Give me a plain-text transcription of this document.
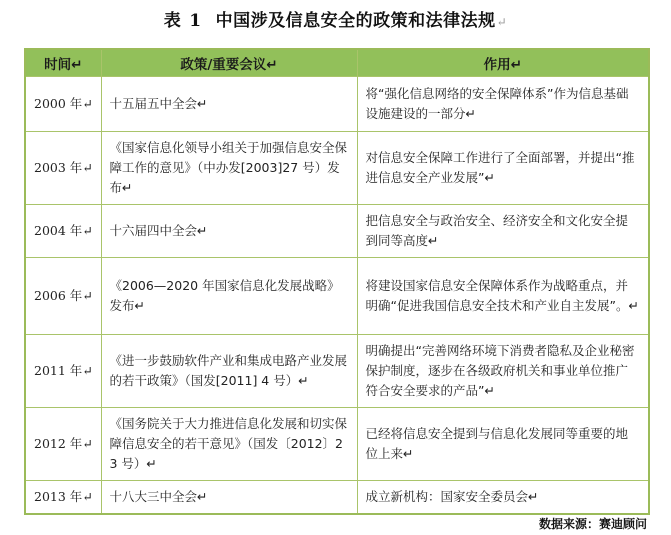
表 1 中国涉及信息安全的政策和法律法规↵
时间↵	政策/重要会议↵	作用↵
2000 年↵	十五届五中全会↵	将“强化信息网络的安全保障体系”作为信息基础设施建设的一部分↵
2003 年↵	《国家信息化领导小组关于加强信息安全保障工作的意见》（中办发[2003]27 号）发布↵	对信息安全保障工作进行了全面部署，并提出“推进信息安全产业发展”↵
2004 年↵	十六届四中全会↵	把信息安全与政治安全、经济安全和文化安全提到同等高度↵
2006 年↵	《2006—2020 年国家信息化发展战略》发布↵	将建设国家信息安全保障体系作为战略重点，并明确“促进我国信息安全技术和产业自主发展”。↵
2011 年↵	《进一步鼓励软件产业和集成电路产业发展的若干政策》（国发[2011] 4 号）↵	明确提出“完善网络环境下消费者隐私及企业秘密保护制度，逐步在各级政府机关和事业单位推广符合安全要求的产品”↵
2012 年↵	《国务院关于大力推进信息化发展和切实保障信息安全的若干意见》（国发〔2012〕23 号）↵	已经将信息安全提到与信息化发展同等重要的地位上来↵
2013 年↵	十八大三中全会↵	成立新机构：国家安全委员会↵
数据来源：赛迪顾问
